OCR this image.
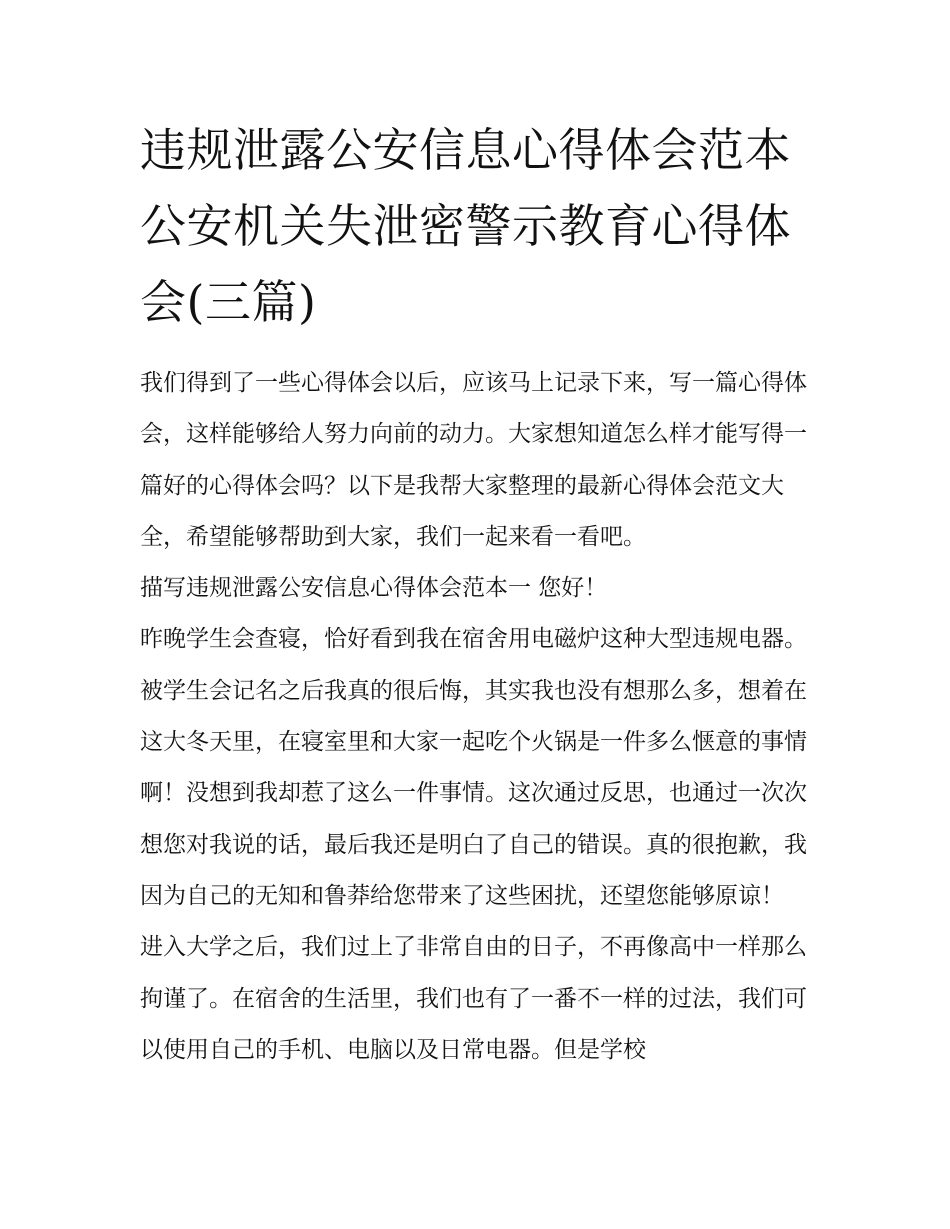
违规泄露公安信息心得体会范本 公安机关失泄密警示教育心得体会(三篇)

我们得到了一些心得体会以后，应该马上记录下来，写一篇心得体会，这样能够给人努力向前的动力。大家想知道怎么样才能写得一篇好的心得体会吗？以下是我帮大家整理的最新心得体会范文大全，希望能够帮助到大家，我们一起来看一看吧。

描写违规泄露公安信息心得体会范本一 您好！

昨晚学生会查寝，恰好看到我在宿舍用电磁炉这种大型违规电器。被学生会记名之后我真的很后悔，其实我也没有想那么多，想着在这大冬天里，在寝室里和大家一起吃个火锅是一件多么惬意的事情啊！没想到我却惹了这么一件事情。这次通过反思，也通过一次次想您对我说的话，最后我还是明白了自己的错误。真的很抱歉，我因为自己的无知和鲁莽给您带来了这些困扰，还望您能够原谅！

进入大学之后，我们过上了非常自由的日子，不再像高中一样那么拘谨了。在宿舍的生活里，我们也有了一番不一样的过法，我们可以使用自己的手机、电脑以及日常电器。但是学校
